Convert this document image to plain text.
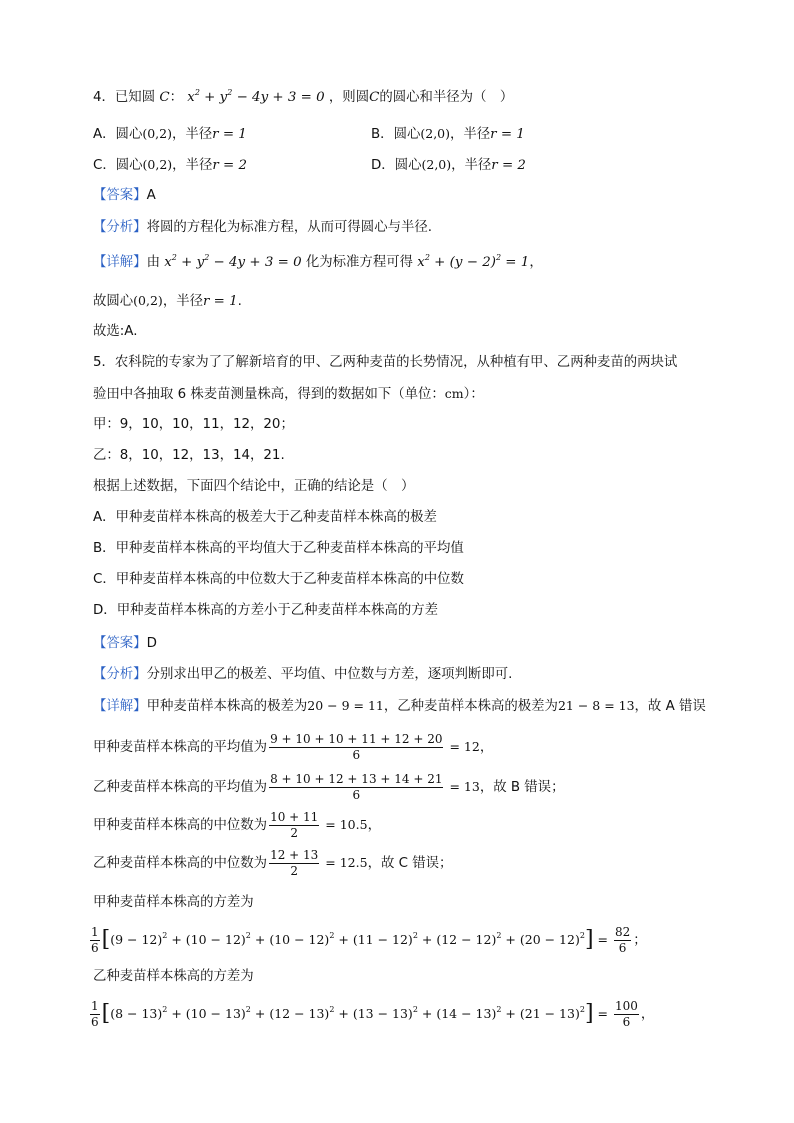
4．已知圆 C： $x^2 + y^2 - 4y + 3 = 0$ ，则圆C的圆心和半径为（　）
A．圆心(0,2)，半径r = 1	B．圆心(2,0)，半径r = 1
C．圆心(0,2)，半径r = 2	D．圆心(2,0)，半径r = 2
【答案】A
【分析】将圆的方程化为标准方程，从而可得圆心与半径.
【详解】由 $x^2 + y^2 - 4y + 3 = 0$ 化为标准方程可得 $x^2 + (y - 2)^2 = 1$，
故圆心(0,2)，半径r = 1.
故选:A.
5．农科院的专家为了了解新培育的甲、乙两种麦苗的长势情况，从种植有甲、乙两种麦苗的两块试
验田中各抽取 6 株麦苗测量株高，得到的数据如下（单位：cm）：
甲：9，10，10，11，12，20；
乙：8，10，12，13，14，21.
根据上述数据，下面四个结论中，正确的结论是（　）
A．甲种麦苗样本株高的极差大于乙种麦苗样本株高的极差
B．甲种麦苗样本株高的平均值大于乙种麦苗样本株高的平均值
C．甲种麦苗样本株高的中位数大于乙种麦苗样本株高的中位数
D．甲种麦苗样本株高的方差小于乙种麦苗样本株高的方差
【答案】D
【分析】分别求出甲乙的极差、平均值、中位数与方差，逐项判断即可.
【详解】甲种麦苗样本株高的极差为20 − 9 = 11，乙种麦苗样本株高的极差为21 − 8 = 13，故 A 错误
甲种麦苗样本株高的平均值为 $\frac{9 + 10 + 10 + 11 + 12 + 20}{6} = 12$，
乙种麦苗样本株高的平均值为 $\frac{8 + 10 + 12 + 13 + 14 + 21}{6} = 13$，故 B 错误；
甲种麦苗样本株高的中位数为 $\frac{10 + 11}{2} = 10.5$，
乙种麦苗样本株高的中位数为 $\frac{12 + 13}{2} = 12.5$，故 C 错误；
甲种麦苗样本株高的方差为
$\frac{1}{6} [(9 - 12)^2 + (10 - 12)^2 + (10 - 12)^2 + (11 - 12)^2 + (12 - 12)^2 + (20 - 12)^2] = \frac{82}{6}$ ；
乙种麦苗样本株高的方差为
$\frac{1}{6} [(8 - 13)^2 + (10 - 13)^2 + (12 - 13)^2 + (13 - 13)^2 + (14 - 13)^2 + (21 - 13)^2] = \frac{100}{6}$ ，
